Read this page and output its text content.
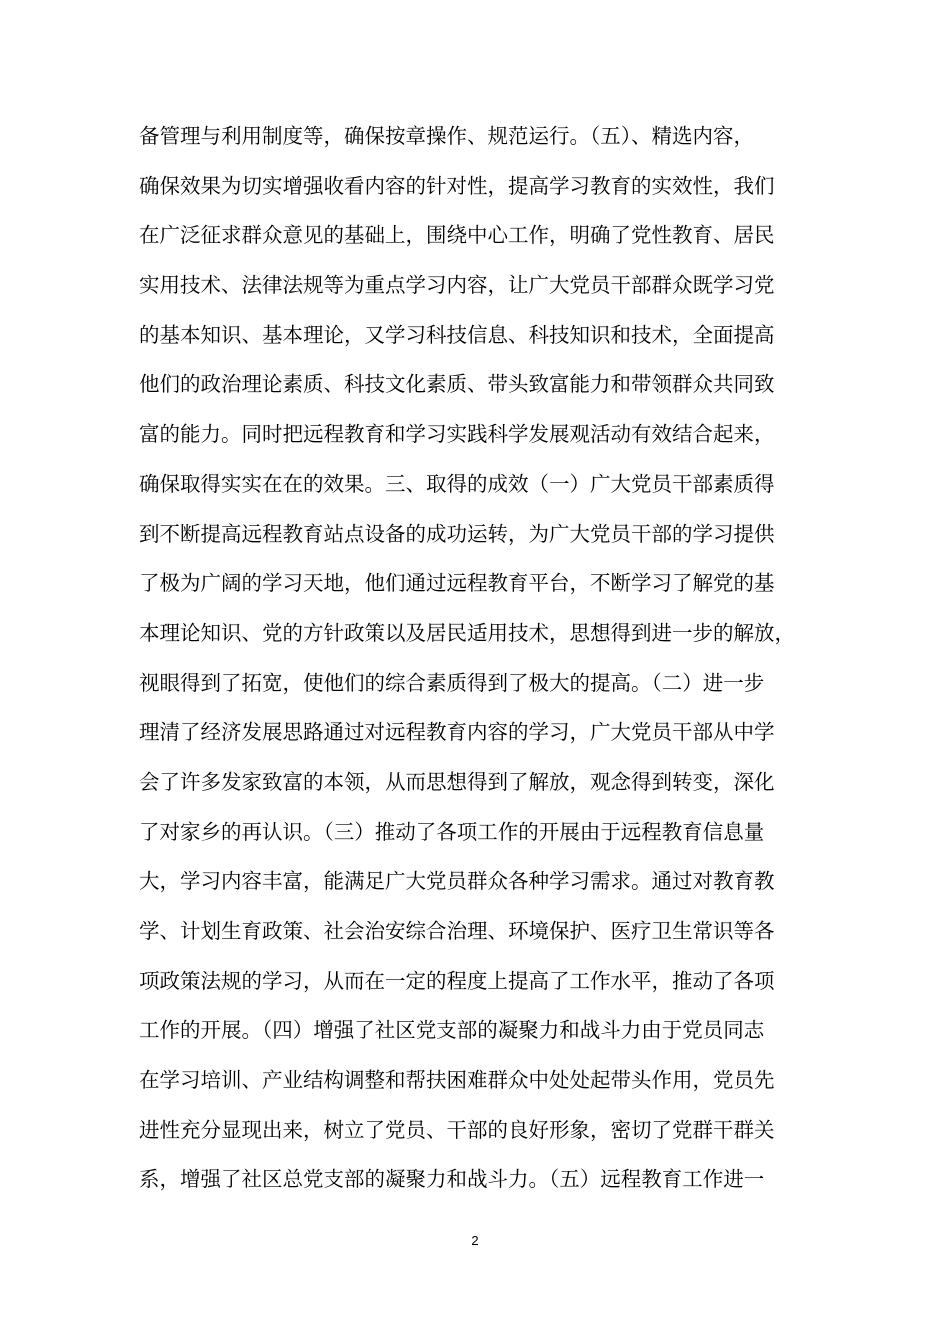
备管理与利用制度等，确保按章操作、规范运行。（五）、精选内容，
确保效果为切实增强收看内容的针对性，提高学习教育的实效性，我们
在广泛征求群众意见的基础上，围绕中心工作，明确了党性教育、居民
实用技术、法律法规等为重点学习内容，让广大党员干部群众既学习党
的基本知识、基本理论，又学习科技信息、科技知识和技术，全面提高
他们的政治理论素质、科技文化素质、带头致富能力和带领群众共同致
富的能力。同时把远程教育和学习实践科学发展观活动有效结合起来，
确保取得实实在在的效果。三、取得的成效（一）广大党员干部素质得
到不断提高远程教育站点设备的成功运转，为广大党员干部的学习提供
了极为广阔的学习天地，他们通过远程教育平台，不断学习了解党的基
本理论知识、党的方针政策以及居民适用技术，思想得到进一步的解放，
视眼得到了拓宽，使他们的综合素质得到了极大的提高。（二）进一步
理清了经济发展思路通过对远程教育内容的学习，广大党员干部从中学
会了许多发家致富的本领，从而思想得到了解放，观念得到转变，深化
了对家乡的再认识。（三）推动了各项工作的开展由于远程教育信息量
大，学习内容丰富，能满足广大党员群众各种学习需求。通过对教育教
学、计划生育政策、社会治安综合治理、环境保护、医疗卫生常识等各
项政策法规的学习，从而在一定的程度上提高了工作水平，推动了各项
工作的开展。（四）增强了社区党支部的凝聚力和战斗力由于党员同志
在学习培训、产业结构调整和帮扶困难群众中处处起带头作用，党员先
进性充分显现出来，树立了党员、干部的良好形象，密切了党群干群关
系，增强了社区总党支部的凝聚力和战斗力。（五）远程教育工作进一
2
